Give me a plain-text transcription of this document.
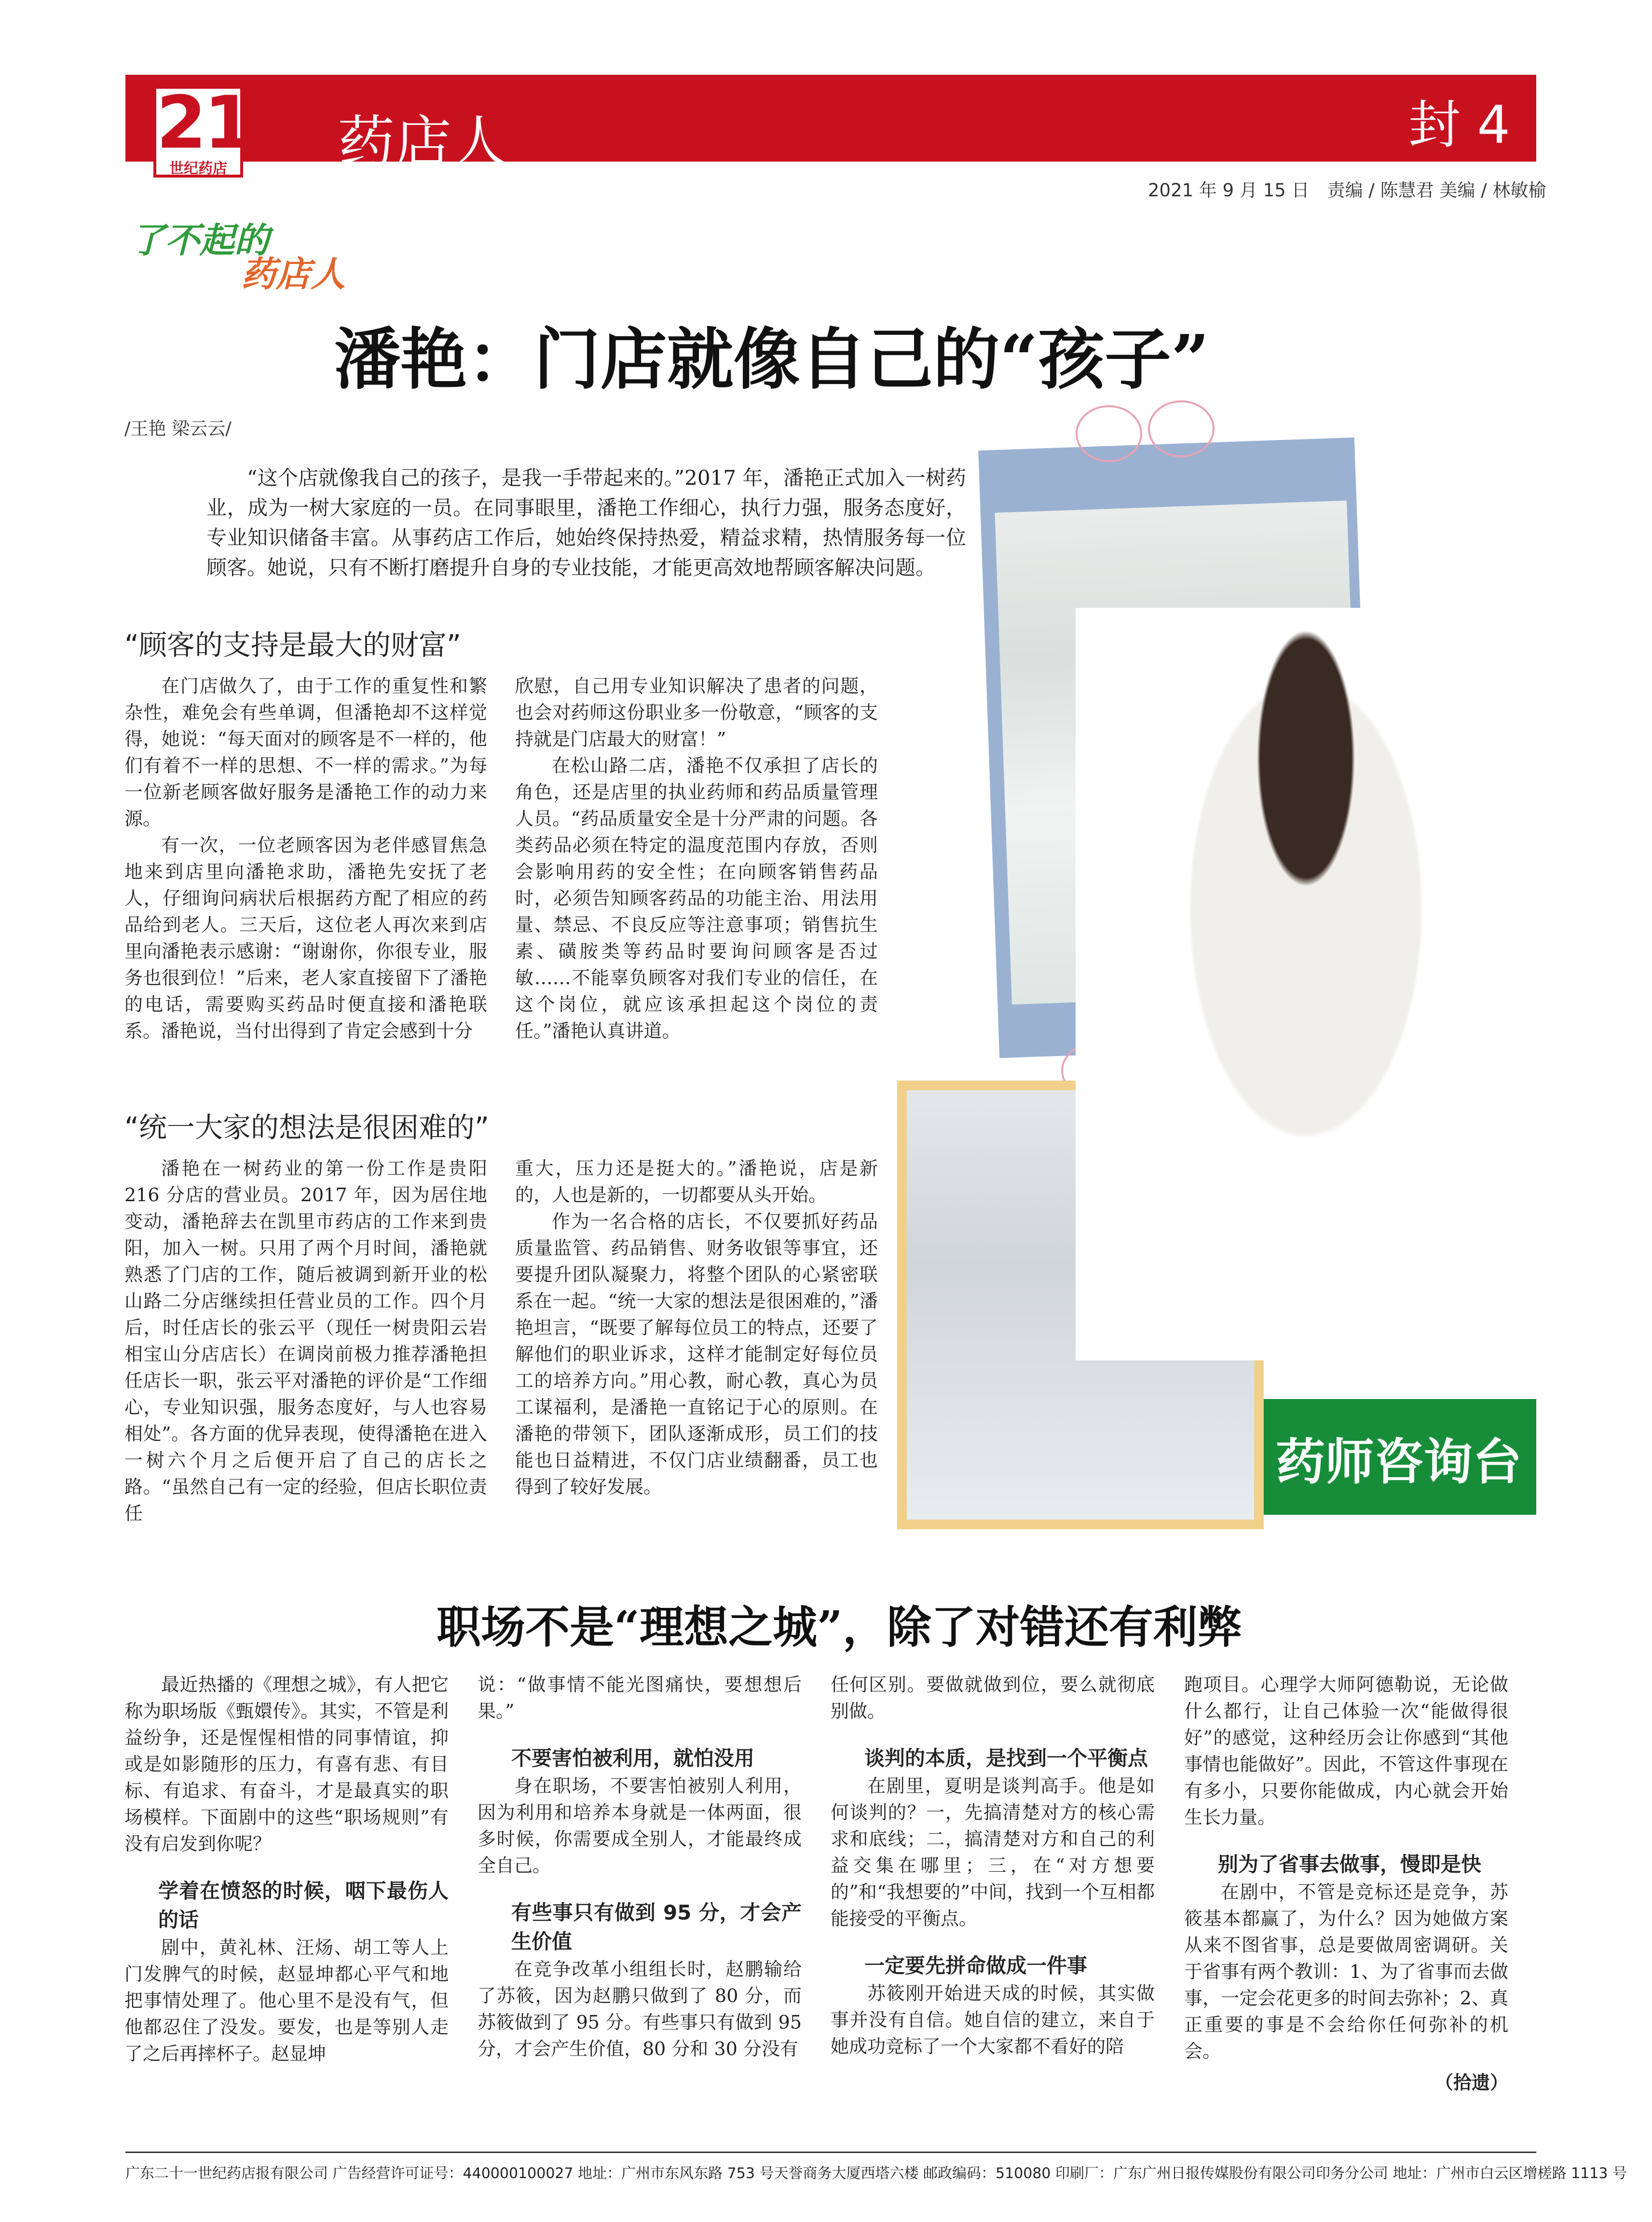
21
世纪药店 药店人	封 4
2021 年 9 月 15 日　责编 / 陈慧君 美编 / 林敏榆
了不起的
药店人
潘艳：门店就像自己的“孩子”
/王艳 梁云云/

“这个店就像我自己的孩子，是我一手带起来的。”2017 年，潘艳正式加入一树药业，成为一树大家庭的一员。在同事眼里，潘艳工作细心，执行力强，服务态度好，专业知识储备丰富。从事药店工作后，她始终保持热爱，精益求精，热情服务每一位顾客。她说，只有不断打磨提升自身的专业技能，才能更高效地帮顾客解决问题。

“顾客的支持是最大的财富”

在门店做久了，由于工作的重复性和繁杂性，难免会有些单调，但潘艳却不这样觉得，她说：“每天面对的顾客是不一样的，他们有着不一样的思想、不一样的需求。”为每一位新老顾客做好服务是潘艳工作的动力来源。

有一次，一位老顾客因为老伴感冒焦急地来到店里向潘艳求助，潘艳先安抚了老人，仔细询问病状后根据药方配了相应的药品给到老人。三天后，这位老人再次来到店里向潘艳表示感谢：“谢谢你，你很专业，服务也很到位！”后来，老人家直接留下了潘艳的电话，需要购买药品时便直接和潘艳联系。潘艳说，当付出得到了肯定会感到十分

欣慰，自己用专业知识解决了患者的问题，也会对药师这份职业多一份敬意，“顾客的支持就是门店最大的财富！”

在松山路二店，潘艳不仅承担了店长的角色，还是店里的执业药师和药品质量管理人员。“药品质量安全是十分严肃的问题。各类药品必须在特定的温度范围内存放，否则会影响用药的安全性；在向顾客销售药品时，必须告知顾客药品的功能主治、用法用量、禁忌、不良反应等注意事项；销售抗生素、磺胺类等药品时要询问顾客是否过敏……不能辜负顾客对我们专业的信任，在这个岗位，就应该承担起这个岗位的责任。”潘艳认真讲道。

“统一大家的想法是很困难的”

潘艳在一树药业的第一份工作是贵阳216 分店的营业员。2017 年，因为居住地变动，潘艳辞去在凯里市药店的工作来到贵阳，加入一树。只用了两个月时间，潘艳就熟悉了门店的工作，随后被调到新开业的松山路二分店继续担任营业员的工作。四个月后，时任店长的张云平（现任一树贵阳云岩相宝山分店店长）在调岗前极力推荐潘艳担任店长一职，张云平对潘艳的评价是“工作细心，专业知识强，服务态度好，与人也容易相处”。各方面的优异表现，使得潘艳在进入一树六个月之后便开启了自己的店长之路。“虽然自己有一定的经验，但店长职位责任

重大，压力还是挺大的。”潘艳说，店是新的，人也是新的，一切都要从头开始。

作为一名合格的店长，不仅要抓好药品质量监管、药品销售、财务收银等事宜，还要提升团队凝聚力，将整个团队的心紧密联系在一起。“统一大家的想法是很困难的，”潘艳坦言，“既要了解每位员工的特点，还要了解他们的职业诉求，这样才能制定好每位员工的培养方向。”用心教，耐心教，真心为员工谋福利，是潘艳一直铭记于心的原则。在潘艳的带领下，团队逐渐成形，员工们的技能也日益精进，不仅门店业绩翻番，员工也得到了较好发展。	药师咨询台
职场不是“理想之城”，除了对错还有利弊

最近热播的《理想之城》，有人把它称为职场版《甄嬛传》。其实，不管是利益纷争，还是惺惺相惜的同事情谊，抑或是如影随形的压力，有喜有悲、有目标、有追求、有奋斗，才是最真实的职场模样。下面剧中的这些“职场规则”有没有启发到你呢？

学着在愤怒的时候，咽下最伤人的话

剧中，黄礼林、汪炀、胡工等人上门发脾气的时候，赵显坤都心平气和地把事情处理了。他心里不是没有气，但他都忍住了没发。要发，也是等别人走了之后再摔杯子。赵显坤

说：“做事情不能光图痛快，要想想后果。”

不要害怕被利用，就怕没用

身在职场，不要害怕被别人利用，因为利用和培养本身就是一体两面，很多时候，你需要成全别人，才能最终成全自己。

有些事只有做到 95 分，才会产生价值

在竞争改革小组组长时，赵鹏输给了苏筱，因为赵鹏只做到了 80 分，而苏筱做到了 95 分。有些事只有做到 95分，才会产生价值，80 分和 30 分没有

任何区别。要做就做到位，要么就彻底别做。

谈判的本质，是找到一个平衡点

在剧里，夏明是谈判高手。他是如何谈判的？一，先搞清楚对方的核心需求和底线；二，搞清楚对方和自己的利益交集在哪里；三，在“对方想要的”和“我想要的”中间，找到一个互相都能接受的平衡点。

一定要先拼命做成一件事

苏筱刚开始进天成的时候，其实做事并没有自信。她自信的建立，来自于她成功竞标了一个大家都不看好的陪

跑项目。心理学大师阿德勒说，无论做什么都行，让自己体验一次“能做得很好”的感觉，这种经历会让你感到“其他事情也能做好”。因此，不管这件事现在有多小，只要你能做成，内心就会开始生长力量。

别为了省事去做事，慢即是快

在剧中，不管是竞标还是竞争，苏筱基本都赢了，为什么？因为她做方案从来不图省事，总是要做周密调研。关于省事有两个教训：1、为了省事而去做事，一定会花更多的时间去弥补；2、真正重要的事是不会给你任何弥补的机会。

（拾遗）
广东二十一世纪药店报有限公司 广告经营许可证号：440000100027 地址：广州市东风东路 753 号天誉商务大厦西塔六楼 邮政编码：510080 印刷厂：广东广州日报传媒股份有限公司印务分公司 地址：广州市白云区增槎路 1113 号
